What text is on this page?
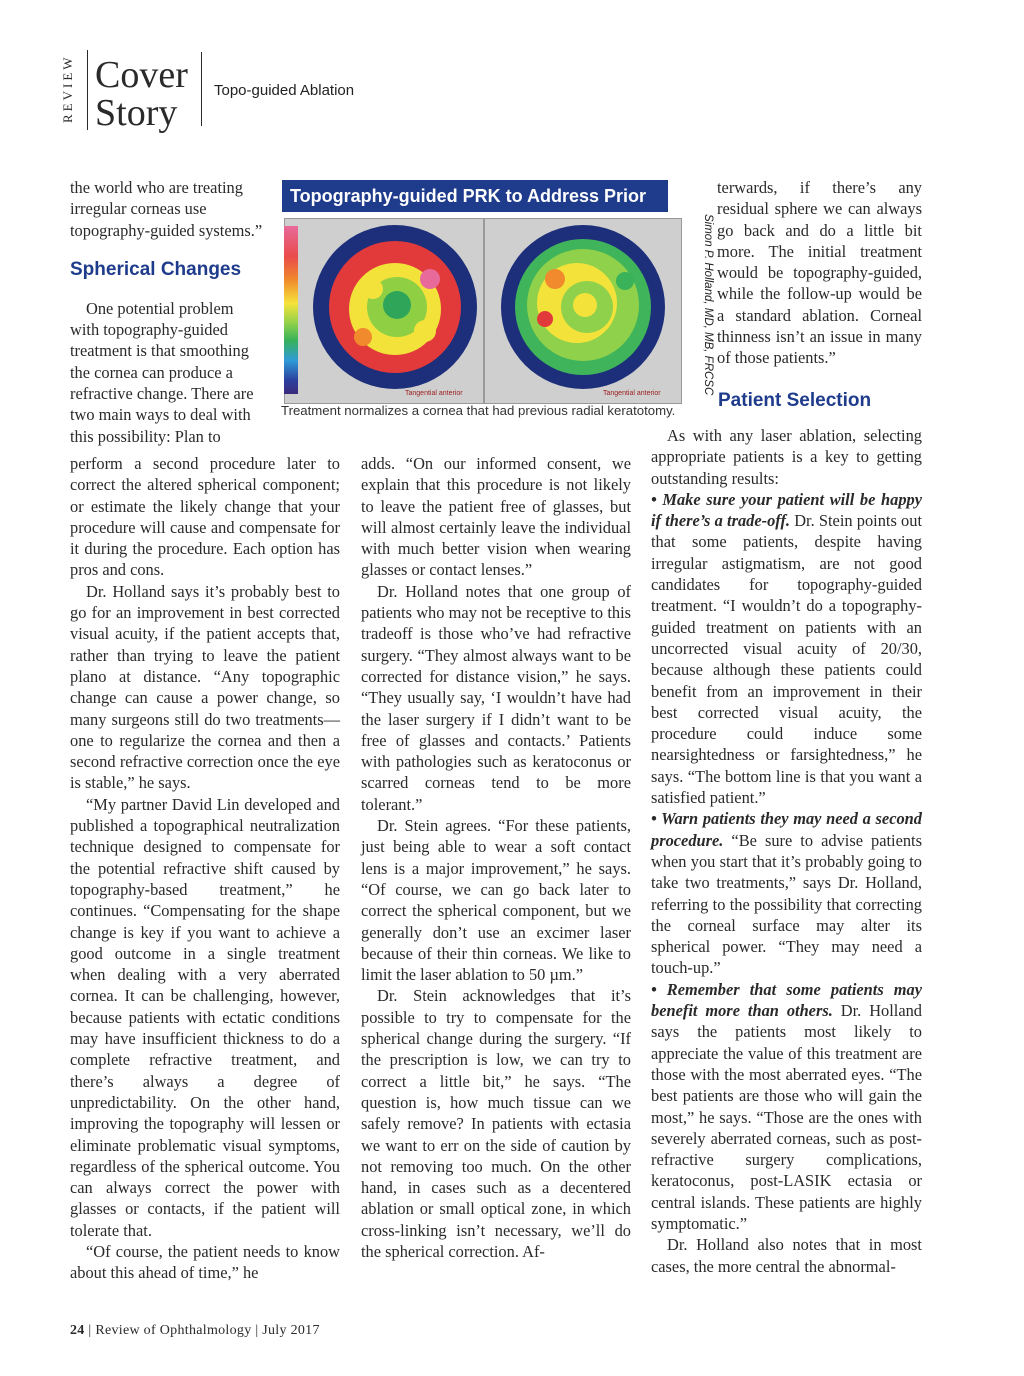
REVIEW Cover
Story
Topo-guided Ablation

the world who are treating irregular corneas use topography-guided systems.”

Spherical Changes

One potential problem with topography-guided treatment is that smoothing the cornea can produce a refractive change. There are two main ways to deal with this possibility: Plan to

perform a second procedure later to correct the altered spherical component; or estimate the likely change that your procedure will cause and compensate for it during the procedure. Each option has pros and cons.

Dr. Holland says it’s probably best to go for an improvement in best corrected visual acuity, if the patient accepts that, rather than trying to leave the patient plano at distance. “Any topographic change can cause a power change, so many surgeons still do two treatments—one to regularize the cornea and then a second refractive correction once the eye is stable,” he says.

“My partner David Lin developed and published a topographical neutralization technique designed to compensate for the potential refractive shift caused by topography-based treatment,” he continues. “Compensating for the shape change is key if you want to achieve a good outcome in a single treatment when dealing with a very aberrated cornea. It can be challenging, however, because patients with ectatic conditions may have insufficient thickness to do a complete refractive treatment, and there’s always a degree of unpredictability. On the other hand, improving the topography will lessen or eliminate problematic visual symptoms, regardless of the spherical outcome. You can always correct the power with glasses or contacts, if the patient will tolerate that.

“Of course, the patient needs to know about this ahead of time,” he

Topography-guided PRK to Address Prior
Tangential anterior	Tangential anterior	Simon P. Holland, MD, MB, FRCSC
Treatment normalizes a cornea that had previous radial keratotomy.

adds. “On our informed consent, we explain that this procedure is not likely to leave the patient free of glasses, but will almost certainly leave the individual with much better vision when wearing glasses or contact lenses.”

Dr. Holland notes that one group of patients who may not be receptive to this tradeoff is those who’ve had refractive surgery. “They almost always want to be corrected for distance vision,” he says. “They usually say, ‘I wouldn’t have had the laser surgery if I didn’t want to be free of glasses and contacts.’ Patients with pathologies such as keratoconus or scarred corneas tend to be more tolerant.”

Dr. Stein agrees. “For these patients, just being able to wear a soft contact lens is a major improvement,” he says. “Of course, we can go back later to correct the spherical component, but we generally don’t use an excimer laser because of their thin corneas. We like to limit the laser ablation to 50 µm.”

Dr. Stein acknowledges that it’s possible to try to compensate for the spherical change during the surgery. “If the prescription is low, we can try to correct a little bit,” he says. “The question is, how much tissue can we safely remove? In patients with ectasia we want to err on the side of caution by not removing too much. On the other hand, in cases such as a decentered ablation or small optical zone, in which cross-linking isn’t necessary, we’ll do the spherical correction. Af-

terwards, if there’s any residual sphere we can always go back and do a little bit more. The initial treatment would be topography-guided, while the follow-up would be a standard ablation. Corneal thinness isn’t an issue in many of those patients.”

Patient Selection

As with any laser ablation, selecting appropriate patients is a key to getting outstanding results:

• Make sure your patient will be happy if there’s a trade-off. Dr. Stein points out that some patients, despite having irregular astigmatism, are not good candidates for topography-guided treatment. “I wouldn’t do a topography-guided treatment on patients with an uncorrected visual acuity of 20/30, because although these patients could benefit from an improvement in their best corrected visual acuity, the procedure could induce some nearsightedness or farsightedness,” he says. “The bottom line is that you want a satisfied patient.”

• Warn patients they may need a second procedure. “Be sure to advise patients when you start that it’s probably going to take two treatments,” says Dr. Holland, referring to the possibility that correcting the corneal surface may alter its spherical power. “They may need a touch-up.”

• Remember that some patients may benefit more than others. Dr. Holland says the patients most likely to appreciate the value of this treatment are those with the most aberrated eyes. “The best patients are those who will gain the most,” he says. “Those are the ones with severely aberrated corneas, such as post-refractive surgery complications, keratoconus, post-LASIK ectasia or central islands. These patients are highly symptomatic.”

Dr. Holland also notes that in most cases, the more central the abnormal-

24 | Review of Ophthalmology | July 2017
